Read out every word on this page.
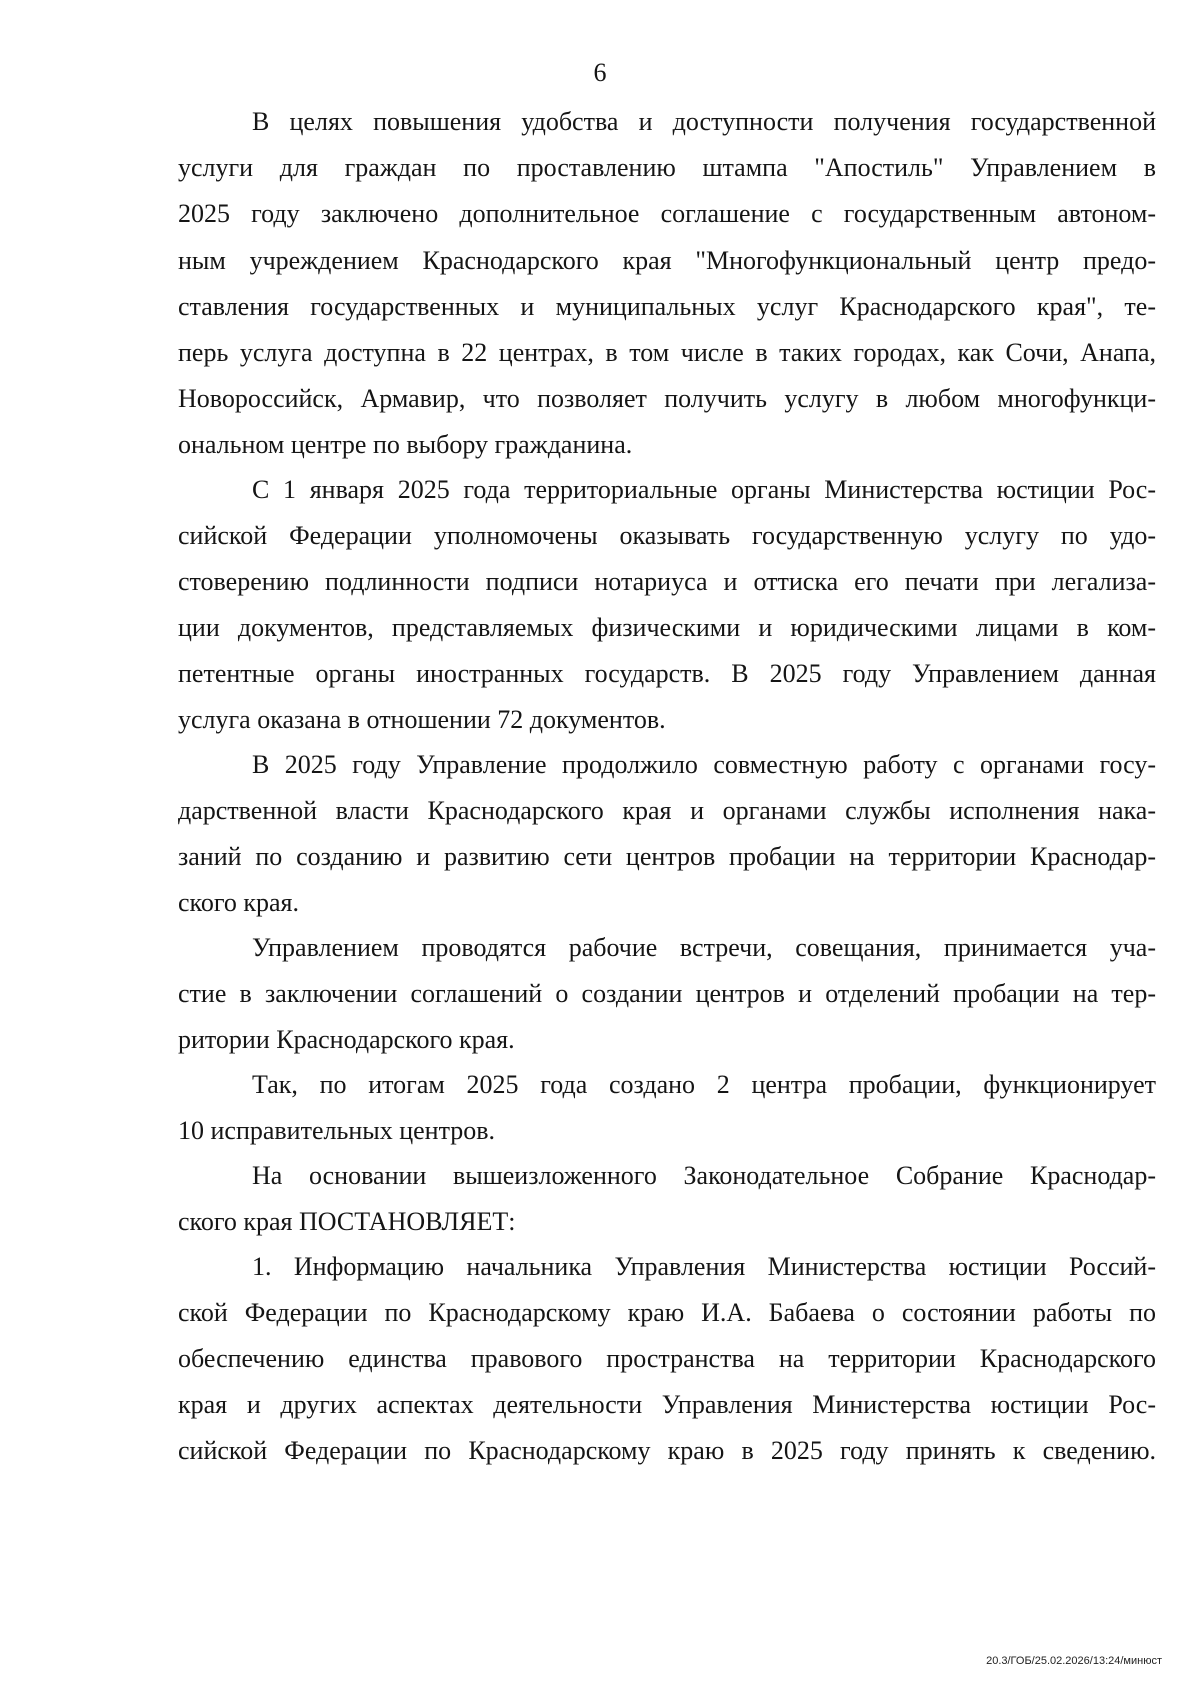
6
В целях повышения удобства и доступности получения государственной
услуги для граждан по проставлению штампа "Апостиль" Управлением в
2025 году заключено дополнительное соглашение с государственным автоном-
ным учреждением Краснодарского края "Многофункциональный центр предо-
ставления государственных и муниципальных услуг Краснодарского края", те-
перь услуга доступна в 22 центрах, в том числе в таких городах, как Сочи, Анапа,
Новороссийск, Армавир, что позволяет получить услугу в любом многофункци-
ональном центре по выбору гражданина.
С 1 января 2025 года территориальные органы Министерства юстиции Рос-
сийской Федерации уполномочены оказывать государственную услугу по удо-
стоверению подлинности подписи нотариуса и оттиска его печати при легализа-
ции документов, представляемых физическими и юридическими лицами в ком-
петентные органы иностранных государств. В 2025 году Управлением данная
услуга оказана в отношении 72 документов.
В 2025 году Управление продолжило совместную работу с органами госу-
дарственной власти Краснодарского края и органами службы исполнения нака-
заний по созданию и развитию сети центров пробации на территории Краснодар-
ского края.
Управлением проводятся рабочие встречи, совещания, принимается уча-
стие в заключении соглашений о создании центров и отделений пробации на тер-
ритории Краснодарского края.
Так, по итогам 2025 года создано 2 центра пробации, функционирует
10 исправительных центров.
На основании вышеизложенного Законодательное Собрание Краснодар-
ского края ПОСТАНОВЛЯЕТ:
1. Информацию начальника Управления Министерства юстиции Россий-
ской Федерации по Краснодарскому краю И.А. Бабаева о состоянии работы по
обеспечению единства правового пространства на территории Краснодарского
края и других аспектах деятельности Управления Министерства юстиции Рос-
сийской Федерации по Краснодарскому краю в 2025 году принять к сведению.
20.3/ГОБ/25.02.2026/13:24/минюст
